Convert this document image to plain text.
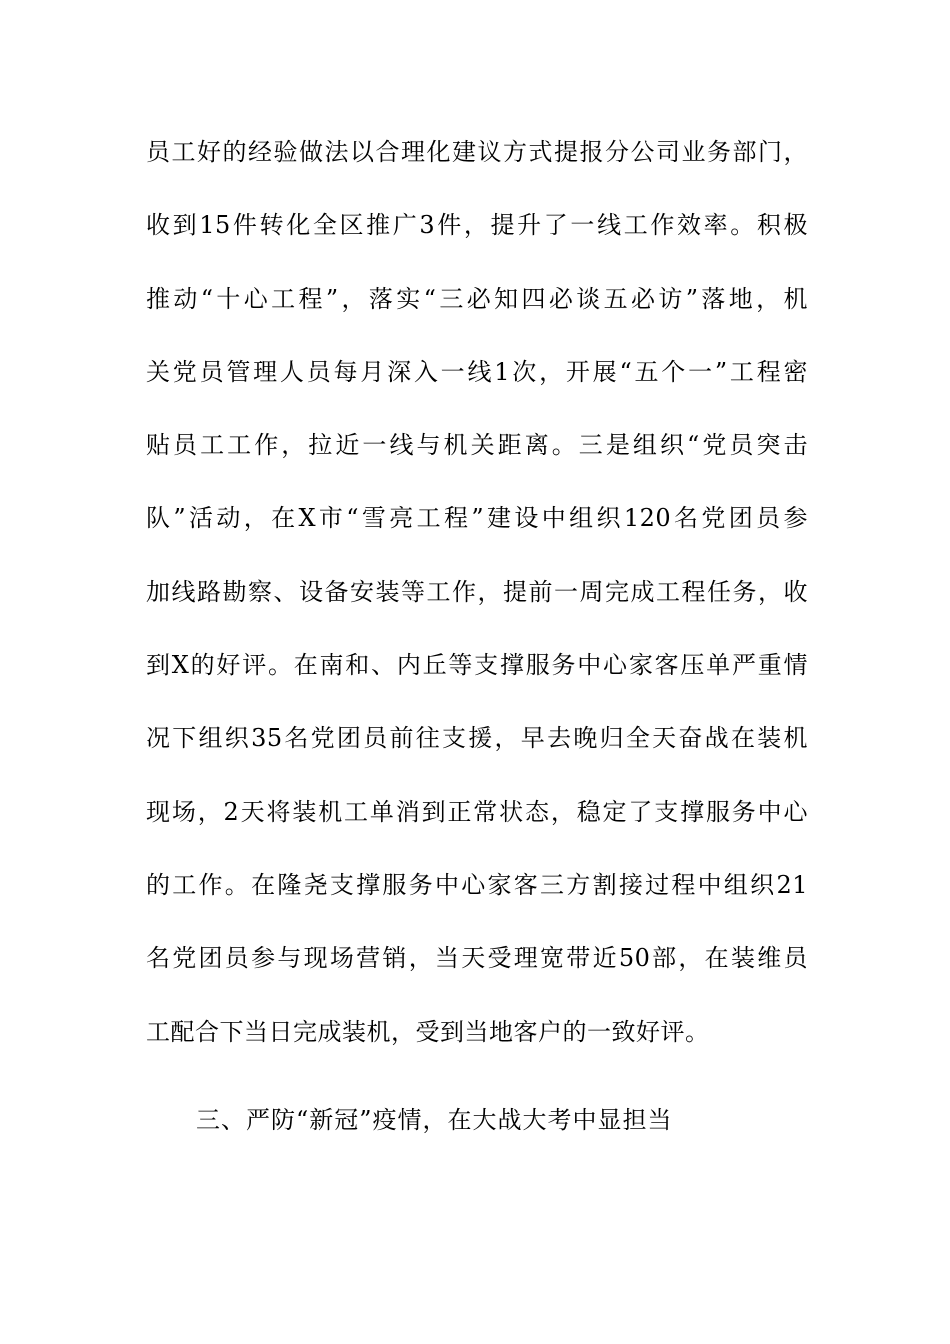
员工好的经验做法以合理化建议方式提报分公司业务部门，
收到15件转化全区推广3件，提升了一线工作效率。积极
推动“十心工程”，落实“三必知四必谈五必访”落地，机
关党员管理人员每月深入一线1次，开展“五个一”工程密
贴员工工作，拉近一线与机关距离。三是组织“党员突击
队”活动，在X市“雪亮工程”建设中组织120名党团员参
加线路勘察、设备安装等工作，提前一周完成工程任务，收
到X的好评。在南和、内丘等支撑服务中心家客压单严重情
况下组织35名党团员前往支援，早去晚归全天奋战在装机
现场，2天将装机工单消到正常状态，稳定了支撑服务中心
的工作。在隆尧支撑服务中心家客三方割接过程中组织21
名党团员参与现场营销，当天受理宽带近50部，在装维员
工配合下当日完成装机，受到当地客户的一致好评。
三、严防“新冠”疫情，在大战大考中显担当
